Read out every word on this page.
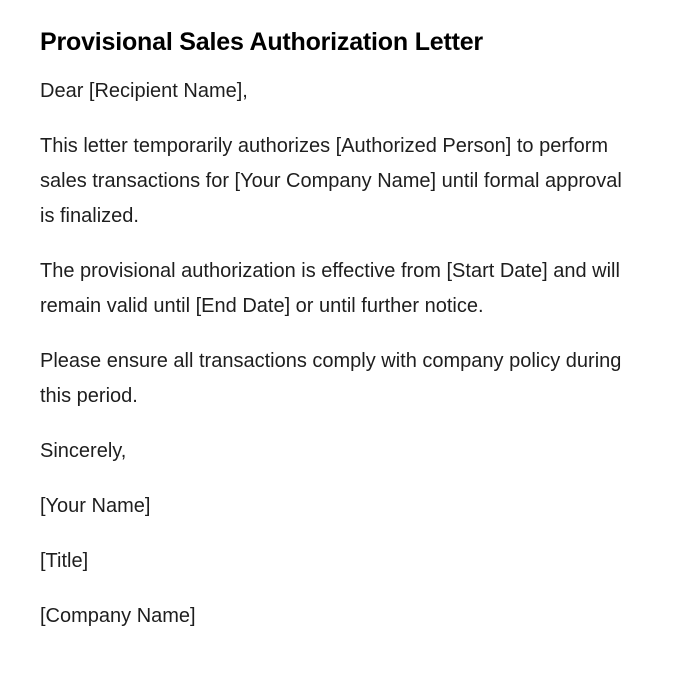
Provisional Sales Authorization Letter

Dear [Recipient Name],

This letter temporarily authorizes [Authorized Person] to perform sales transactions for [Your Company Name] until formal approval is finalized.

The provisional authorization is effective from [Start Date] and will remain valid until [End Date] or until further notice.

Please ensure all transactions comply with company policy during this period.

Sincerely,

[Your Name]

[Title]

[Company Name]
